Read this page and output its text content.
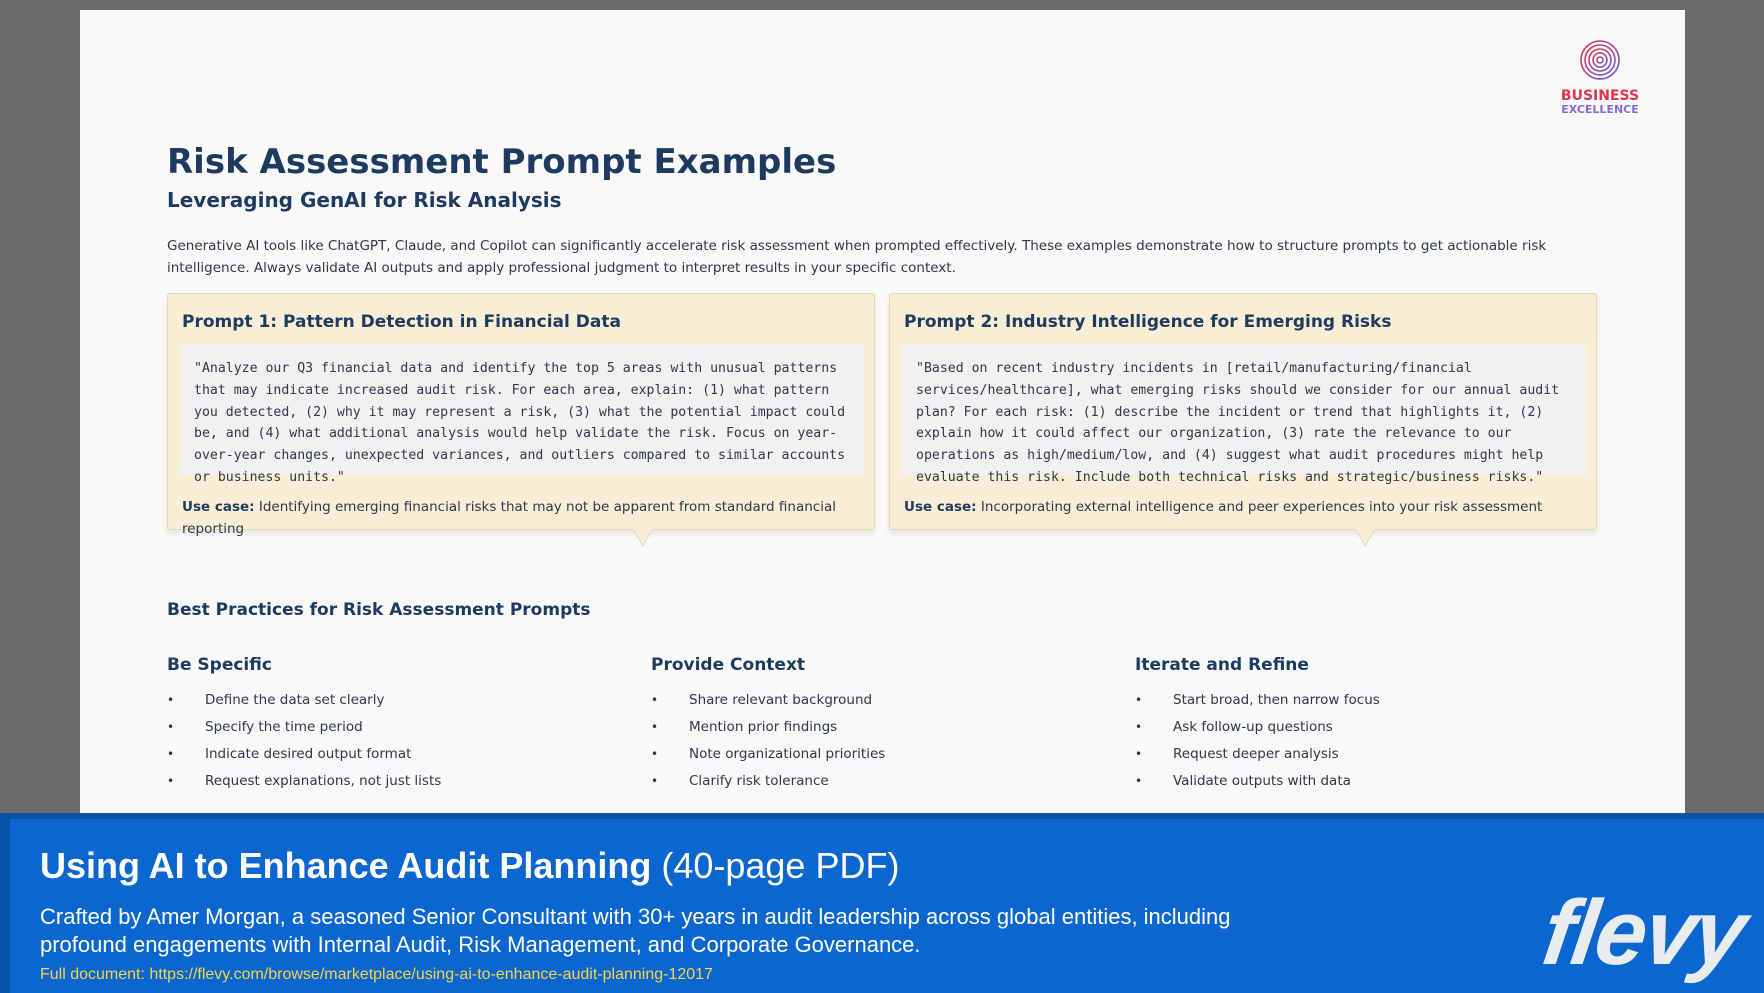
BUSINESS
EXCELLENCE
Risk Assessment Prompt Examples
Leveraging GenAI for Risk Analysis
Generative AI tools like ChatGPT, Claude, and Copilot can significantly accelerate risk assessment when prompted effectively. These examples demonstrate how to structure prompts to get actionable risk intelligence. Always validate AI outputs and apply professional judgment to interpret results in your specific context.
Prompt 1: Pattern Detection in Financial Data
"Analyze our Q3 financial data and identify the top 5 areas with unusual patterns that may indicate increased audit risk. For each area, explain: (1) what pattern you detected, (2) why it may represent a risk, (3) what the potential impact could be, and (4) what additional analysis would help validate the risk. Focus on year-over-year changes, unexpected variances, and outliers compared to similar accounts or business units."
Use case: Identifying emerging financial risks that may not be apparent from standard financial reporting
Prompt 2: Industry Intelligence for Emerging Risks
"Based on recent industry incidents in [retail/manufacturing/financial services/healthcare], what emerging risks should we consider for our annual audit plan? For each risk: (1) describe the incident or trend that highlights it, (2) explain how it could affect our organization, (3) rate the relevance to our operations as high/medium/low, and (4) suggest what audit procedures might help evaluate this risk. Include both technical risks and strategic/business risks."
Use case: Incorporating external intelligence and peer experiences into your risk assessment
Best Practices for Risk Assessment Prompts
Be Specific
• Define the data set clearly
• Specify the time period
• Indicate desired output format
• Request explanations, not just lists
Provide Context
• Share relevant background
• Mention prior findings
• Note organizational priorities
• Clarify risk tolerance
Iterate and Refine
• Start broad, then narrow focus
• Ask follow-up questions
• Request deeper analysis
• Validate outputs with data
Using AI to Enhance Audit Planning (40-page PDF)
Crafted by Amer Morgan, a seasoned Senior Consultant with 30+ years in audit leadership across global entities, including profound engagements with Internal Audit, Risk Management, and Corporate Governance.
Full document: https://flevy.com/browse/marketplace/using-ai-to-enhance-audit-planning-12017	flevy
